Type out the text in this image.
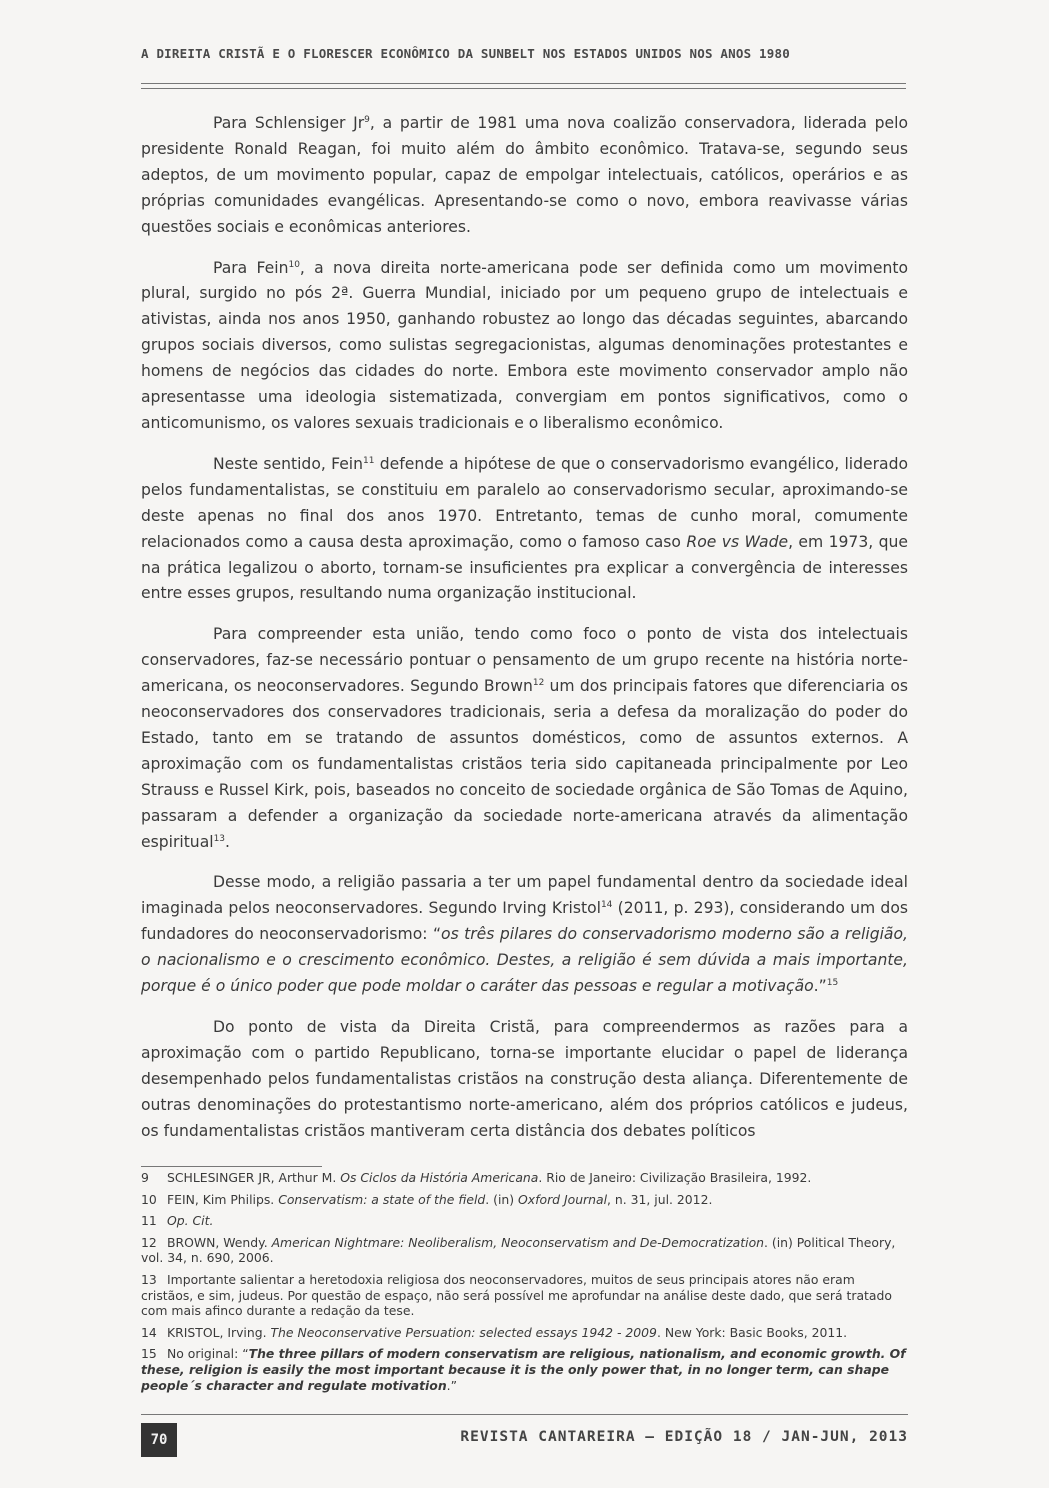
A DIREITA CRISTÃ E O FLORESCER ECONÔMICO DA SUNBELT NOS ESTADOS UNIDOS NOS ANOS 1980

Para Schlensiger Jr$^9$, a partir de 1981 uma nova coalizão conservadora, liderada pelo presidente Ronald Reagan, foi muito além do âmbito econômico. Tratava-se, segundo seus adeptos, de um movimento popular, capaz de empolgar intelectuais, católicos, operários e as próprias comunidades evangélicas. Apresentando-se como o novo, embora reavivasse várias questões sociais e econômicas anteriores.

Para Fein$^{10}$, a nova direita norte-americana pode ser definida como um movimento plural, surgido no pós 2ª. Guerra Mundial, iniciado por um pequeno grupo de intelectuais e ativistas, ainda nos anos 1950, ganhando robustez ao longo das décadas seguintes, abarcando grupos sociais diversos, como sulistas segregacionistas, algumas denominações protestantes e homens de negócios das cidades do norte. Embora este movimento conservador amplo não apresentasse uma ideologia sistematizada, convergiam em pontos significativos, como o anticomunismo, os valores sexuais tradicionais e o liberalismo econômico.

Neste sentido, Fein$^{11}$ defende a hipótese de que o conservadorismo evangélico, liderado pelos fundamentalistas, se constituiu em paralelo ao conservadorismo secular, aproximando-se deste apenas no final dos anos 1970. Entretanto, temas de cunho moral, comumente relacionados como a causa desta aproximação, como o famoso caso Roe vs Wade, em 1973, que na prática legalizou o aborto, tornam-se insuficientes pra explicar a convergência de interesses entre esses grupos, resultando numa organização institucional.

Para compreender esta união, tendo como foco o ponto de vista dos intelectuais conservadores, faz-se necessário pontuar o pensamento de um grupo recente na história norte-americana, os neoconservadores. Segundo Brown$^{12}$ um dos principais fatores que diferenciaria os neoconservadores dos conservadores tradicionais, seria a defesa da moralização do poder do Estado, tanto em se tratando de assuntos domésticos, como de assuntos externos. A aproximação com os fundamentalistas cristãos teria sido capitaneada principalmente por Leo Strauss e Russel Kirk, pois, baseados no conceito de sociedade orgânica de São Tomas de Aquino, passaram a defender a organização da sociedade norte-americana através da alimentação espiritual$^{13}$.

Desse modo, a religião passaria a ter um papel fundamental dentro da sociedade ideal imaginada pelos neoconservadores. Segundo Irving Kristol$^{14}$ (2011, p. 293), considerando um dos fundadores do neoconservadorismo: “os três pilares do conservadorismo moderno são a religião, o nacionalismo e o crescimento econômico. Destes, a religião é sem dúvida a mais importante, porque é o único poder que pode moldar o caráter das pessoas e regular a motivação.”$^{15}$

Do ponto de vista da Direita Cristã, para compreendermos as razões para a aproximação com o partido Republicano, torna-se importante elucidar o papel de liderança desempenhado pelos fundamentalistas cristãos na construção desta aliança. Diferentemente de outras denominações do protestantismo norte-americano, além dos próprios católicos e judeus, os fundamentalistas cristãos mantiveram certa distância dos debates políticos

9 SCHLESINGER JR, Arthur M. Os Ciclos da História Americana. Rio de Janeiro: Civilização Brasileira, 1992.
10 FEIN, Kim Philips. Conservatism: a state of the field. (in) Oxford Journal, n. 31, jul. 2012.
11 Op. Cit.
12 BROWN, Wendy. American Nightmare: Neoliberalism, Neoconservatism and De-Democratization. (in) Political Theory, vol. 34, n. 690, 2006.
13 Importante salientar a heretodoxia religiosa dos neoconservadores, muitos de seus principais atores não eram cristãos, e sim, judeus. Por questão de espaço, não será possível me aprofundar na análise deste dado, que será tratado com mais afinco durante a redação da tese.
14 KRISTOL, Irving. The Neoconservative Persuation: selected essays 1942 - 2009. New York: Basic Books, 2011.
15 No original: “The three pillars of modern conservatism are religious, nationalism, and economic growth. Of these, religion is easily the most important because it is the only power that, in no longer term, can shape people´s character and regulate motivation.”
70	REVISTA CANTAREIRA – EDIÇÃO 18 / JAN-JUN, 2013
